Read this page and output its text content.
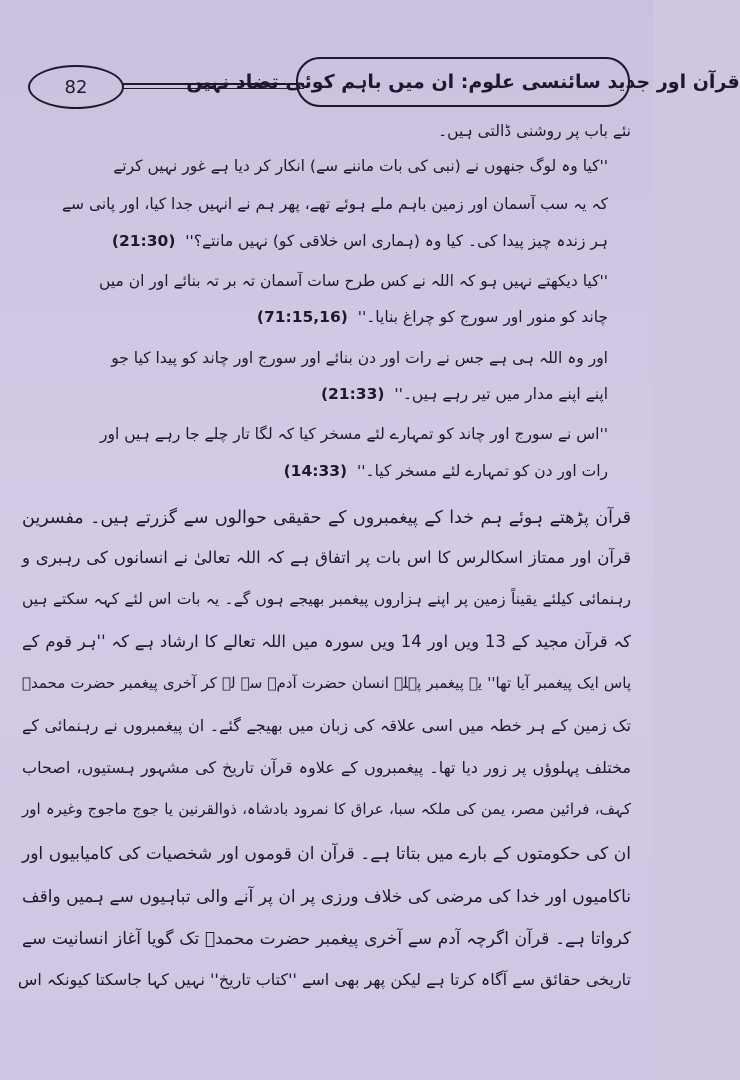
82	قرآن اور جدید سائنسی علوم: ان میں باہم کوئی تضاد نہیں
نئے باب پر روشنی ڈالتی ہیں۔
''کیا وہ لوگ جنھوں نے (نبی کی بات ماننے سے) انکار کر دیا ہے غور نہیں کرتے
کہ یہ سب آسمان اور زمین باہم ملے ہوئے تھے، پھر ہم نے انہیں جدا کیا، اور پانی سے
ہر زندہ چیز پیدا کی۔ کیا وہ (ہماری اس خلاقی کو) نہیں مانتے؟''  (21:30)
''کیا دیکھتے نہیں ہو کہ اللہ نے کس طرح سات آسمان تہ بر تہ بنائے اور ان میں
چاند کو منور اور سورج کو چراغ بنایا۔''  (71:15,16)
اور وہ اللہ ہی ہے جس نے رات اور دن بنائے اور سورج اور چاند کو پیدا کیا جو
اپنے اپنے مدار میں تیر رہے ہیں۔''  (21:33)
''اس نے سورج اور چاند کو تمہارے لئے مسخر کیا کہ لگا تار چلے جا رہے ہیں اور
رات اور دن کو تمہارے لئے مسخر کیا۔''  (14:33)
قرآن پڑھتے ہوئے ہم خدا کے پیغمبروں کے حقیقی حوالوں سے گزرتے ہیں۔ مفسرین
قرآن اور ممتاز اسکالرس کا اس بات پر اتفاق ہے کہ اللہ تعالیٰ نے انسانوں کی رہبری و
رہنمائی کیلئے یقیناً زمین پر اپنے ہزاروں پیغمبر بھیجے ہوں گے۔ یہ بات اس لئے کہہ سکتے ہیں
کہ قرآن مجید کے 13 ویں اور 14 ویں سورہ میں اللہ تعالے کا ارشاد ہے کہ ''ہر قوم کے
پاس ایک پیغمبر آیا تھا'' یہ پیغمبر پہلے انسان حضرت آدمؑ سے لے کر آخری پیغمبر حضرت محمدؐ
تک زمین کے ہر خطہ میں اسی علاقہ کی زبان میں بھیجے گئے۔ ان پیغمبروں نے رہنمائی کے
مختلف پہلوؤں پر زور دیا تھا۔ پیغمبروں کے علاوہ قرآن تاریخ کی مشہور ہستیوں، اصحاب
کہف، فرائین مصر، یمن کی ملکہ سبا، عراق کا نمرود بادشاہ، ذوالقرنین یا جوج ماجوج وغیرہ اور
ان کی حکومتوں کے بارے میں بتاتا ہے۔ قرآن ان قوموں اور شخصیات کی کامیابیوں اور
ناکامیوں اور خدا کی مرضی کی خلاف ورزی پر ان پر آنے والی تباہیوں سے ہمیں واقف
کرواتا ہے۔ قرآن اگرچہ آدم سے آخری پیغمبر حضرت محمدؐ تک گویا آغاز انسانیت سے
تاریخی حقائق سے آگاہ کرتا ہے لیکن پھر بھی اسے ''کتاب تاریخ'' نہیں کہا جاسکتا کیونکہ اس
